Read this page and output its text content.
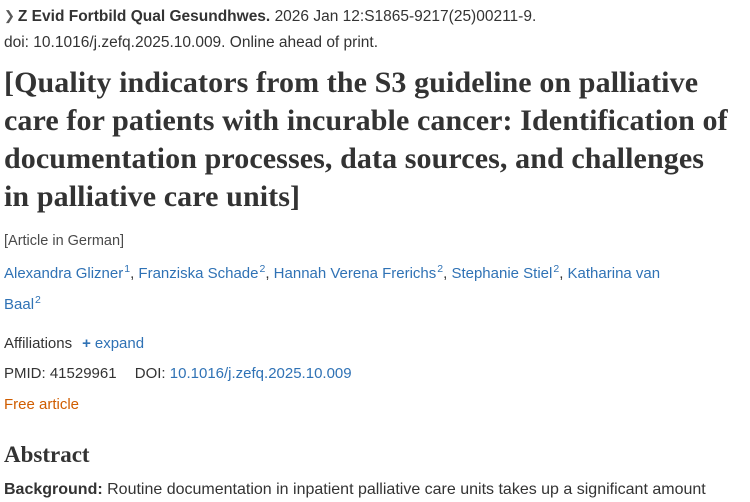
❯ Z Evid Fortbild Qual Gesundhwes. 2026 Jan 12:S1865-9217(25)00211-9.
doi: 10.1016/j.zefq.2025.10.009. Online ahead of print.
[Quality indicators from the S3 guideline on palliative care for patients with incurable cancer: Identification of documentation processes, data sources, and challenges in palliative care units]
[Article in German]
Alexandra Glizner$^1$, Franziska Schade$^2$, Hannah Verena Frerichs$^2$, Stephanie Stiel$^2$, Katharina van Baal$^2$
Affiliations + expand
PMID: 41529961 DOI: 10.1016/j.zefq.2025.10.009
Free article
Abstract

Background: Routine documentation in inpatient palliative care units takes up a significant amount
